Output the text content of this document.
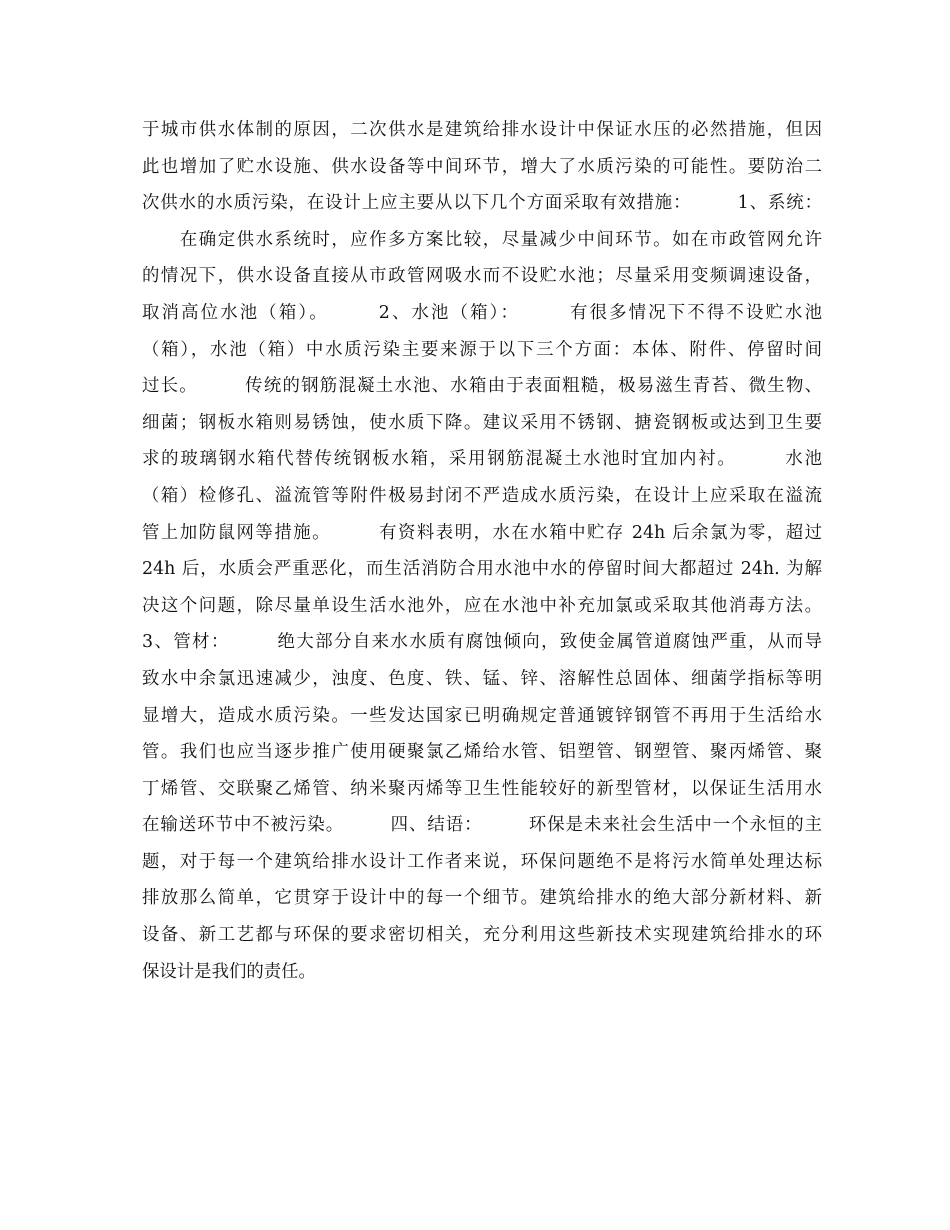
于城市供水体制的原因，二次供水是建筑给排水设计中保证水压的必然措施，但因
此也增加了贮水设施、供水设备等中间环节，增大了水质污染的可能性。要防治二
次供水的水质污染，在设计上应主要从以下几个方面采取有效措施：　　　1、系统：
　　在确定供水系统时，应作多方案比较，尽量减少中间环节。如在市政管网允许
的情况下，供水设备直接从市政管网吸水而不设贮水池；尽量采用变频调速设备，
取消高位水池（箱）。　　　2、水池（箱）：　　　有很多情况下不得不设贮水池
（箱），水池（箱）中水质污染主要来源于以下三个方面：本体、附件、停留时间
过长。　　　传统的钢筋混凝土水池、水箱由于表面粗糙，极易滋生青苔、微生物、
细菌；钢板水箱则易锈蚀，使水质下降。建议采用不锈钢、搪瓷钢板或达到卫生要
求的玻璃钢水箱代替传统钢板水箱，采用钢筋混凝土水池时宜加内衬。　　　水池
（箱）检修孔、溢流管等附件极易封闭不严造成水质污染，在设计上应采取在溢流
管上加防鼠网等措施。　　　有资料表明，水在水箱中贮存 24h 后余氯为零，超过
24h 后，水质会严重恶化，而生活消防合用水池中水的停留时间大都超过 24h. 为解
决这个问题，除尽量单设生活水池外，应在水池中补充加氯或采取其他消毒方法。
3、管材：　　　绝大部分自来水水质有腐蚀倾向，致使金属管道腐蚀严重，从而导
致水中余氯迅速减少，浊度、色度、铁、锰、锌、溶解性总固体、细菌学指标等明
显增大，造成水质污染。一些发达国家已明确规定普通镀锌钢管不再用于生活给水
管。我们也应当逐步推广使用硬聚氯乙烯给水管、铝塑管、钢塑管、聚丙烯管、聚
丁烯管、交联聚乙烯管、纳米聚丙烯等卫生性能较好的新型管材，以保证生活用水
在输送环节中不被污染。　　　四、结语：　　　环保是未来社会生活中一个永恒的主
题，对于每一个建筑给排水设计工作者来说，环保问题绝不是将污水简单处理达标
排放那么简单，它贯穿于设计中的每一个细节。建筑给排水的绝大部分新材料、新
设备、新工艺都与环保的要求密切相关，充分利用这些新技术实现建筑给排水的环
保设计是我们的责任。
